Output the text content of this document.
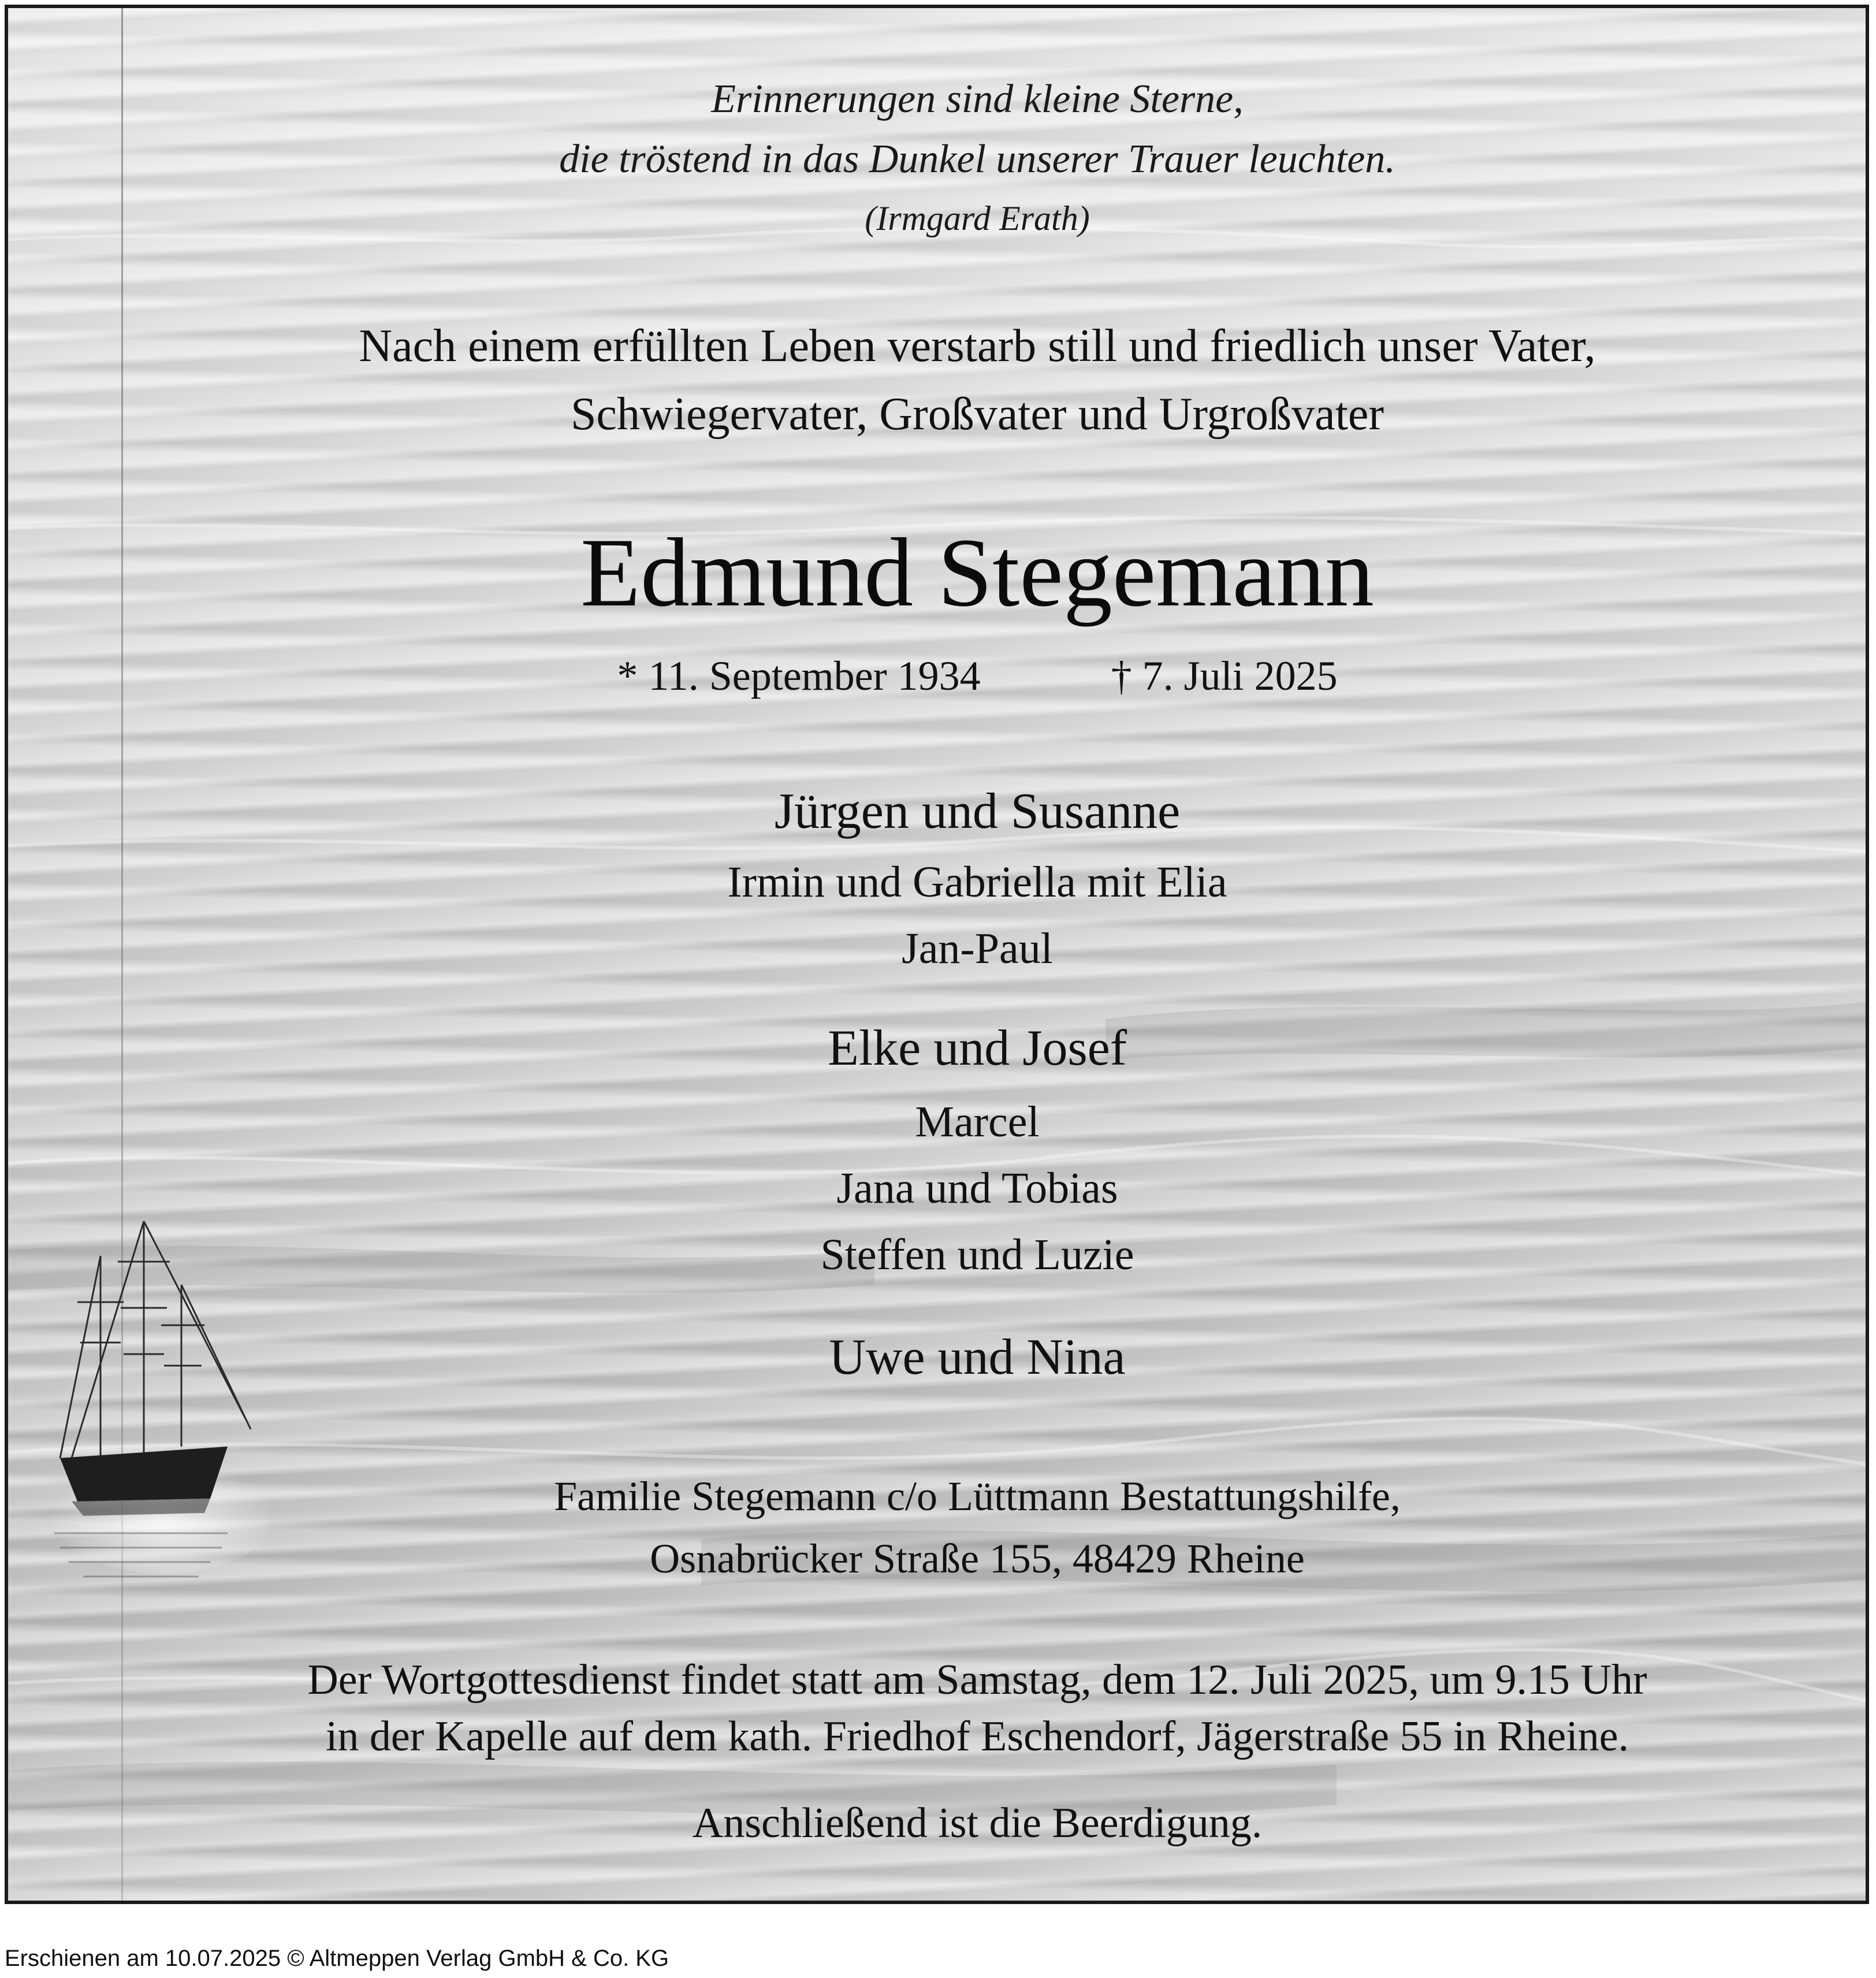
Erinnerungen sind kleine Sterne,
die tröstend in das Dunkel unserer Trauer leuchten.
(Irmgard Erath)
Nach einem erfüllten Leben verstarb still und friedlich unser Vater,
Schwiegervater, Großvater und Urgroßvater
Edmund Stegemann
* 11. September 1934	† 7. Juli 2025
Jürgen und Susanne
Irmin und Gabriella mit Elia
Jan-Paul
Elke und Josef
Marcel
Jana und Tobias
Steffen und Luzie
Uwe und Nina
Familie Stegemann c/o Lüttmann Bestattungshilfe,
Osnabrücker Straße 155, 48429 Rheine
Der Wortgottesdienst findet statt am Samstag, dem 12. Juli 2025, um 9.15 Uhr
in der Kapelle auf dem kath. Friedhof Eschendorf, Jägerstraße 55 in Rheine.
Anschließend ist die Beerdigung.
Erschienen am 10.07.2025 © Altmeppen Verlag GmbH & Co. KG
